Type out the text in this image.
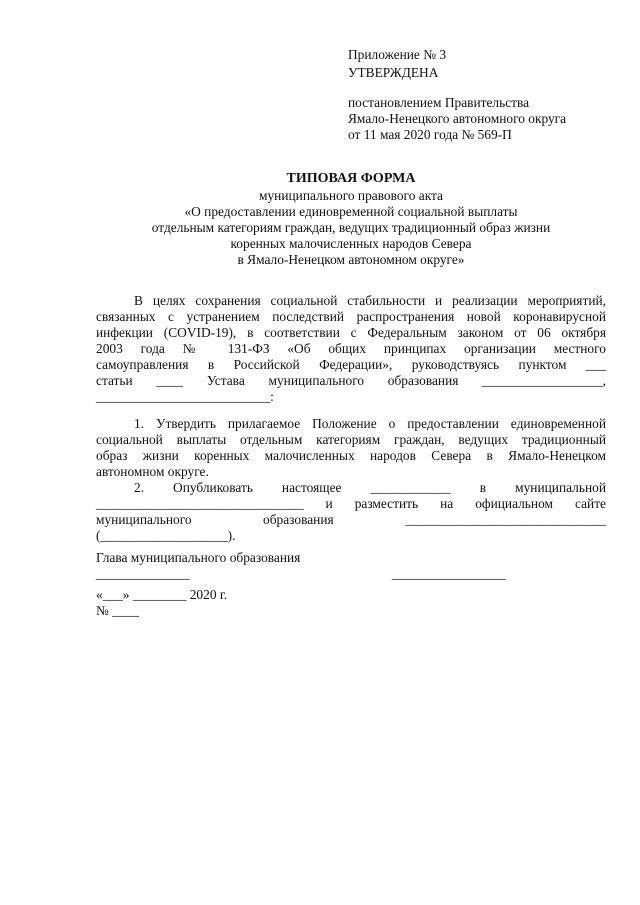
Приложение № 3
УТВЕРЖДЕНА
постановлением Правительства
Ямало-Ненецкого автономного округа
от 11 мая 2020 года № 569-П
ТИПОВАЯ ФОРМА
муниципального правового акта
«О предоставлении единовременной социальной выплаты
отдельным категориям граждан, ведущих традиционный образ жизни
коренных малочисленных народов Севера
в Ямало-Ненецком автономном округе»
В целях сохранения социальной стабильности и реализации мероприятий,
связанных с устранением последствий распространения новой коронавирусной
инфекции (COVID-19), в соответствии с Федеральным законом от 06 октября
2003 года № 131-ФЗ «Об общих принципах организации местного
самоуправления в Российской Федерации», руководствуясь пунктом ___
статьи ____ Устава муниципального образования __________________,
__________________________:
1. Утвердить прилагаемое Положение о предоставлении единовременной
социальной выплаты отдельным категориям граждан, ведущих традиционный
образ жизни коренных малочисленных народов Севера в Ямало-Ненецком
автономном округе.
2. Опубликовать настоящее ____________ в муниципальной
_______________________________ и разместить на официальном сайте
муниципального образования ______________________________
(___________________).
Глава муниципального образования
______________	_________________
«___» ________ 2020 г.
№ ____
